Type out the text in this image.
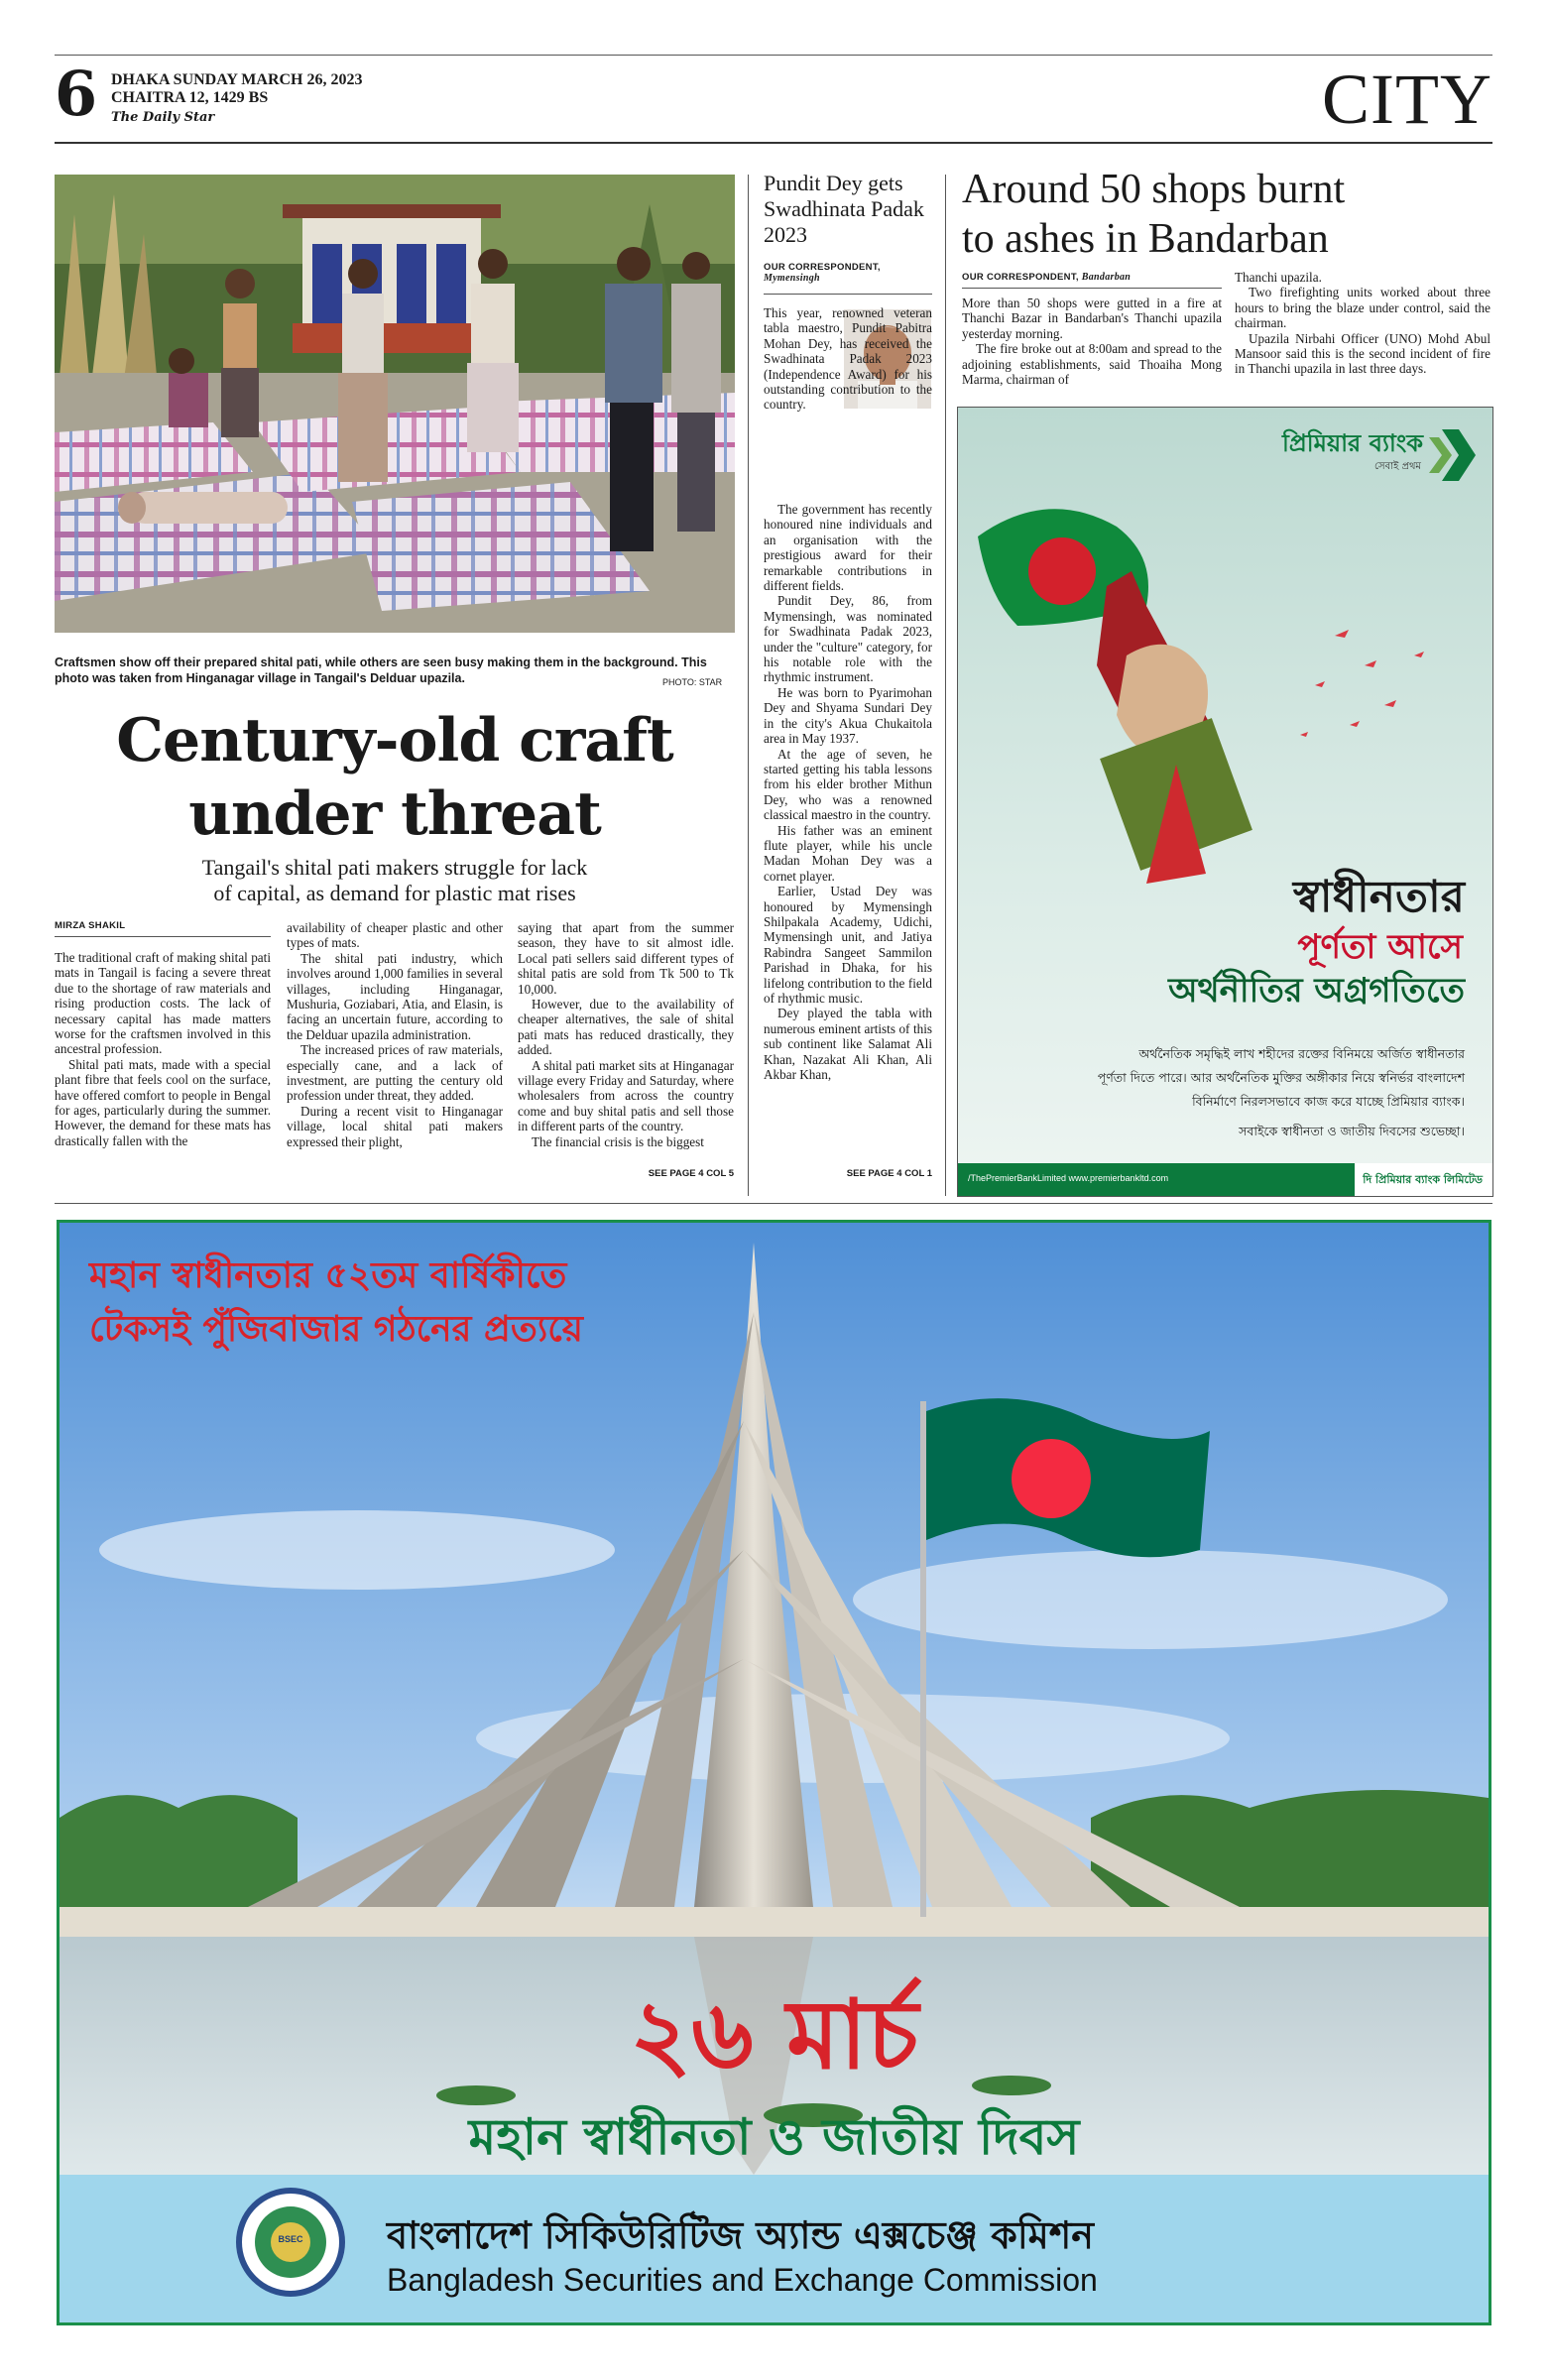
6 DHAKA SUNDAY MARCH 26, 2023
CHAITRA 12, 1429 BS
The Daily Star	CITY
Craftsmen show off their prepared shital pati, while others are seen busy making them in the background. This photo was taken from Hinganagar village in Tangail's Delduar upazila.	PHOTO: STAR
Century-old craft
under threat
Tangail's shital pati makers struggle for lack
of capital, as demand for plastic mat rises
MIRZA SHAKIL

The traditional craft of making shital pati mats in Tangail is facing a severe threat due to the shortage of raw materials and rising production costs. The lack of necessary capital has made matters worse for the craftsmen involved in this ancestral profession.

Shital pati mats, made with a special plant fibre that feels cool on the surface, have offered comfort to people in Bengal for ages, particularly during the summer. However, the demand for these mats has drastically fallen with the

availability of cheaper plastic and other types of mats.

The shital pati industry, which involves around 1,000 families in several villages, including Hinganagar, Mushuria, Goziabari, Atia, and Elasin, is facing an uncertain future, according to the Delduar upazila administration.

The increased prices of raw materials, especially cane, and a lack of investment, are putting the century old profession under threat, they added.

During a recent visit to Hinganagar village, local shital pati makers expressed their plight,

saying that apart from the summer season, they have to sit almost idle. Local pati sellers said different types of shital patis are sold from Tk 500 to Tk 10,000.

However, due to the availability of cheaper alternatives, the sale of shital pati mats has reduced drastically, they added.

A shital pati market sits at Hinganagar village every Friday and Saturday, where wholesalers from across the country come and buy shital patis and sell those in different parts of the country.

The financial crisis is the biggest

SEE PAGE 4 COL 5
Pundit Dey gets Swadhinata Padak 2023
OUR CORRESPONDENT,
Mymensingh
This year, renowned veteran tabla maestro, Pundit Pabitra Mohan Dey, has received the Swadhinata Padak 2023 (Independence Award) for his outstanding contribution to the country.

The government has recently honoured nine individuals and an organisation with the prestigious award for their remarkable contributions in different fields.

Pundit Dey, 86, from Mymensingh, was nominated for Swadhinata Padak 2023, under the "culture" category, for his notable role with the rhythmic instrument.

He was born to Pyarimohan Dey and Shyama Sundari Dey in the city's Akua Chukaitola area in May 1937.

At the age of seven, he started getting his tabla lessons from his elder brother Mithun Dey, who was a renowned classical maestro in the country.

His father was an eminent flute player, while his uncle Madan Mohan Dey was a cornet player.

Earlier, Ustad Dey was honoured by Mymensingh Shilpakala Academy, Udichi, Mymensingh unit, and Jatiya Rabindra Sangeet Sammilon Parishad in Dhaka, for his lifelong contribution to the field of rhythmic music.

Dey played the tabla with numerous eminent artists of this sub continent like Salamat Ali Khan, Nazakat Ali Khan, Ali Akbar Khan,

SEE PAGE 4 COL 1
Around 50 shops burnt
to ashes in Bandarban
OUR CORRESPONDENT, Bandarban

More than 50 shops were gutted in a fire at Thanchi Bazar in Bandarban's Thanchi upazila yesterday morning.

The fire broke out at 8:00am and spread to the adjoining establishments, said Thoaiha Mong Marma, chairman of

Thanchi upazila.

Two firefighting units worked about three hours to bring the blaze under control, said the chairman.

Upazila Nirbahi Officer (UNO) Mohd Abul Mansoor said this is the second incident of fire in Thanchi upazila in last three days.

প্রিমিয়ার ব্যাংক
সেবাই প্রথম
স্বাধীনতার
পূর্ণতা আসে
অর্থনীতির অগ্রগতিতে
অর্থনৈতিক সমৃদ্ধিই লাখ শহীদের রক্তের বিনিময়ে অর্জিত স্বাধীনতার
পূর্ণতা দিতে পারে। আর অর্থনৈতিক মুক্তির অঙ্গীকার নিয়ে স্বনির্ভর বাংলাদেশ
বিনির্মাণে নিরলসভাবে কাজ করে যাচ্ছে প্রিমিয়ার ব্যাংক।
সবাইকে স্বাধীনতা ও জাতীয় দিবসের শুভেচ্ছা।
/ThePremierBankLimited www.premierbankltd.com	দি প্রিমিয়ার ব্যাংক লিমিটেড
মহান স্বাধীনতার ৫২তম বার্ষিকীতে
টেকসই পুঁজিবাজার গঠনের প্রত্যয়ে
২৬ মার্চ
মহান স্বাধীনতা ও জাতীয় দিবস
BSEC বাংলাদেশ সিকিউরিটিজ অ্যান্ড এক্সচেঞ্জ কমিশন
Bangladesh Securities and Exchange Commission
